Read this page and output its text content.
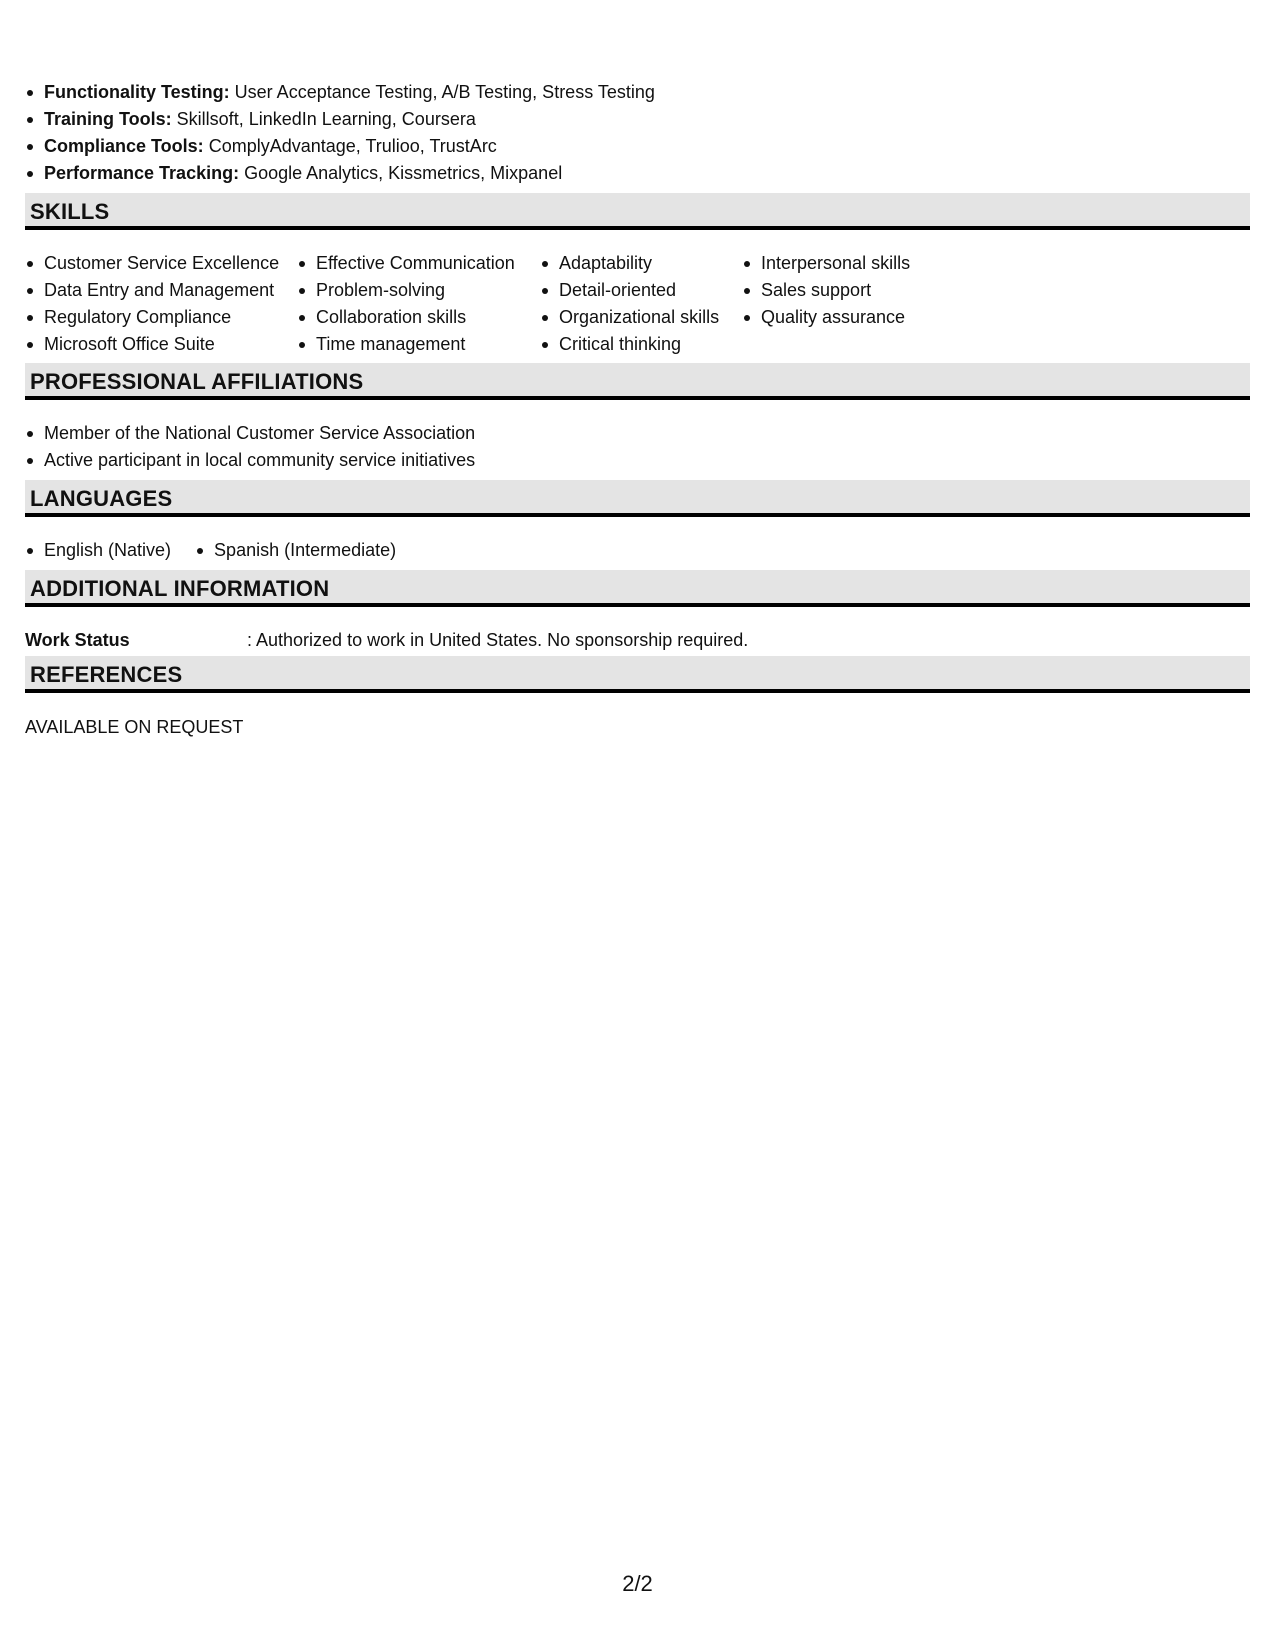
Functionality Testing: User Acceptance Testing, A/B Testing, Stress Testing
Training Tools: Skillsoft, LinkedIn Learning, Coursera
Compliance Tools: ComplyAdvantage, Trulioo, TrustArc
Performance Tracking: Google Analytics, Kissmetrics, Mixpanel
SKILLS
Customer Service Excellence
Data Entry and Management
Regulatory Compliance
Microsoft Office Suite
Effective Communication
Problem-solving
Collaboration skills
Time management
Adaptability
Detail-oriented
Organizational skills
Critical thinking
Interpersonal skills
Sales support
Quality assurance
PROFESSIONAL AFFILIATIONS
Member of the National Customer Service Association
Active participant in local community service initiatives
LANGUAGES
English (Native)	Spanish (Intermediate)
ADDITIONAL INFORMATION
Work Status	: Authorized to work in United States. No sponsorship required.
REFERENCES
AVAILABLE ON REQUEST
2/2
